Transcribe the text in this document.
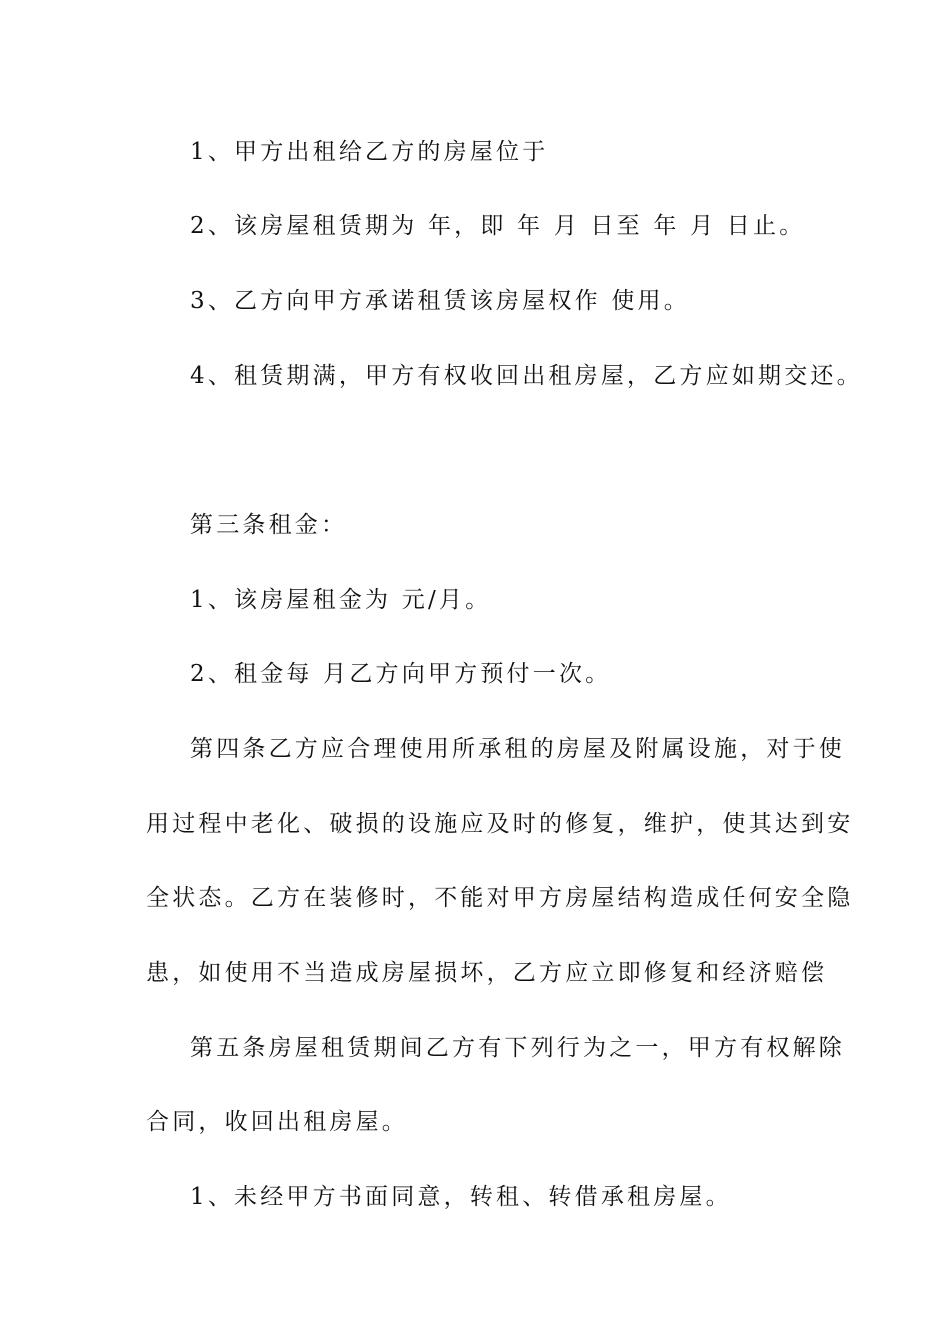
1、甲方出租给乙方的房屋位于

2、该房屋租赁期为 年，即 年 月 日至 年 月 日止。

3、乙方向甲方承诺租赁该房屋权作 使用。

4、租赁期满，甲方有权收回出租房屋，乙方应如期交还。

第三条租金：

1、该房屋租金为 元/月。

2、租金每 月乙方向甲方预付一次。

第四条乙方应合理使用所承租的房屋及附属设施，对于使

用过程中老化、破损的设施应及时的修复，维护，使其达到安

全状态。乙方在装修时，不能对甲方房屋结构造成任何安全隐

患，如使用不当造成房屋损坏，乙方应立即修复和经济赔偿

第五条房屋租赁期间乙方有下列行为之一，甲方有权解除

合同，收回出租房屋。

1、未经甲方书面同意，转租、转借承租房屋。
